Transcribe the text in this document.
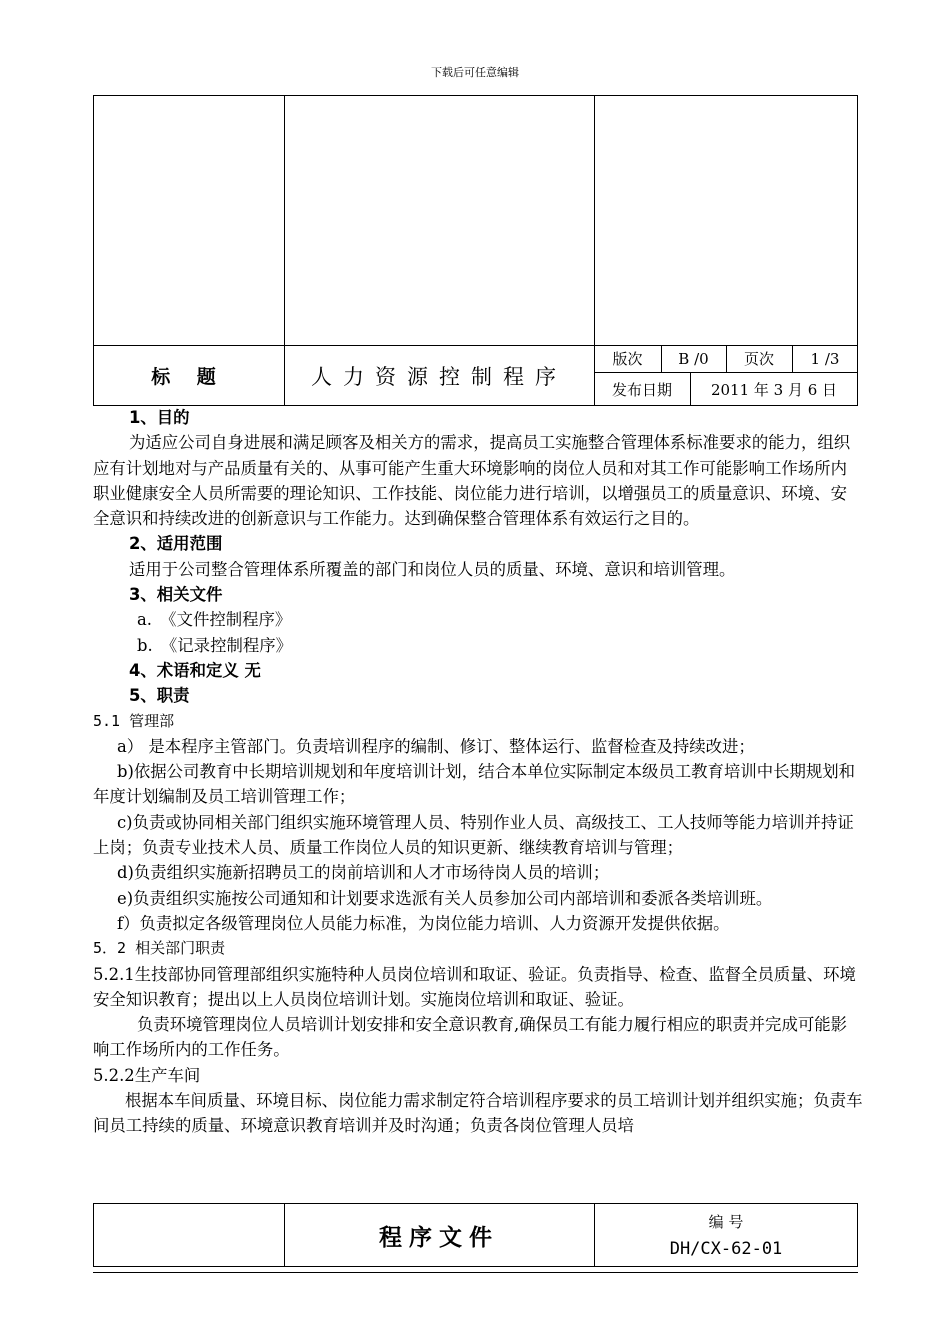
下载后可任意编辑
标 题	人力资源控制程序
版次	B /0	页次	1 /3
发布日期	2011 年 3 月 6 日

1、目的

为适应公司自身进展和满足顾客及相关方的需求，提高员工实施整合管理体系标准要求的能力，组织应有计划地对与产品质量有关的、从事可能产生重大环境影响的岗位人员和对其工作可能影响工作场所内职业健康安全人员所需要的理论知识、工作技能、岗位能力进行培训，以增强员工的质量意识、环境、安全意识和持续改进的创新意识与工作能力。达到确保整合管理体系有效运行之目的。

2、适用范围

适用于公司整合管理体系所覆盖的部门和岗位人员的质量、环境、意识和培训管理。

3、相关文件

a.　《文件控制程序》

b.　《记录控制程序》

4、术语和定义 无

5、职责

5.1 管理部

a） 是本程序主管部门。负责培训程序的编制、修订、整体运行、监督检查及持续改进；

b)依据公司教育中长期培训规划和年度培训计划，结合本单位实际制定本级员工教育培训中长期规划和年度计划编制及员工培训管理工作；

c)负责或协同相关部门组织实施环境管理人员、特别作业人员、高级技工、工人技师等能力培训并持证上岗；负责专业技术人员、质量工作岗位人员的知识更新、继续教育培训与管理；

d)负责组织实施新招聘员工的岗前培训和人才市场待岗人员的培训；

e)负责组织实施按公司通知和计划要求选派有关人员参加公司内部培训和委派各类培训班。

f）负责拟定各级管理岗位人员能力标准，为岗位能力培训、人力资源开发提供依据。

5．2 相关部门职责

5.2.1生技部协同管理部组织实施特种人员岗位培训和取证、验证。负责指导、检查、监督全员质量、环境安全知识教育；提出以上人员岗位培训计划。实施岗位培训和取证、验证。

负责环境管理岗位人员培训计划安排和安全意识教育,确保员工有能力履行相应的职责并完成可能影响工作场所内的工作任务。

5.2.2生产车间

根据本车间质量、环境目标、岗位能力需求制定符合培训程序要求的员工培训计划并组织实施；负责车间员工持续的质量、环境意识教育培训并及时沟通；负责各岗位管理人员培

程序文件
编 号
DH/CX-62-01
